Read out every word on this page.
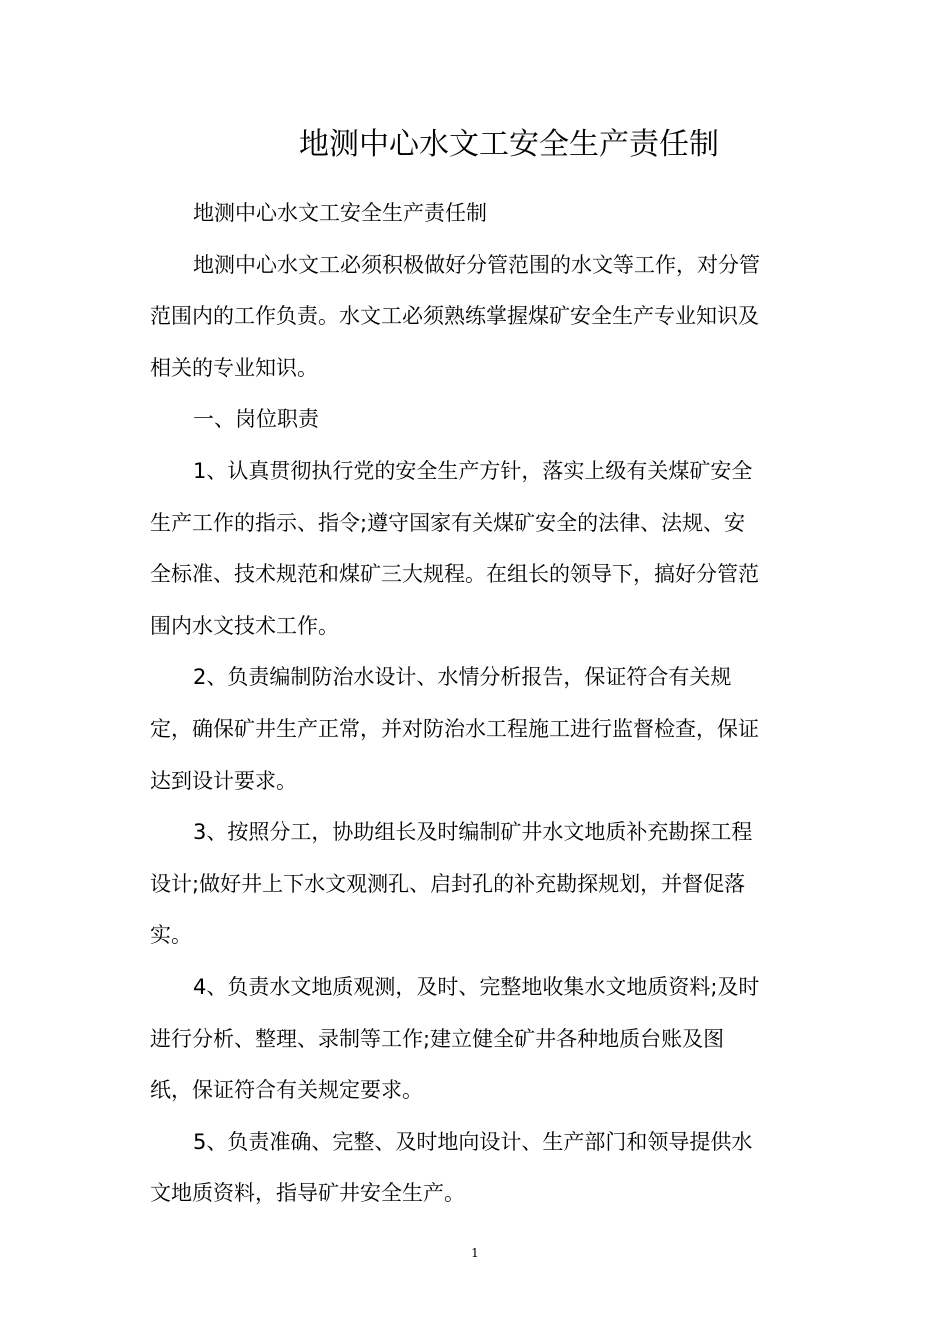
地测中心水文工安全生产责任制

地测中心水文工安全生产责任制

地测中心水文工必须积极做好分管范围的水文等工作，对分管
范围内的工作负责。水文工必须熟练掌握煤矿安全生产专业知识及
相关的专业知识。

一、岗位职责

1、认真贯彻执行党的安全生产方针，落实上级有关煤矿安全
生产工作的指示、指令;遵守国家有关煤矿安全的法律、法规、安
全标准、技术规范和煤矿三大规程。在组长的领导下，搞好分管范
围内水文技术工作。

2、负责编制防治水设计、水情分析报告，保证符合有关规
定，确保矿井生产正常，并对防治水工程施工进行监督检查，保证
达到设计要求。

3、按照分工，协助组长及时编制矿井水文地质补充勘探工程
设计;做好井上下水文观测孔、启封孔的补充勘探规划，并督促落
实。

4、负责水文地质观测，及时、完整地收集水文地质资料;及时
进行分析、整理、录制等工作;建立健全矿井各种地质台账及图
纸，保证符合有关规定要求。

5、负责准确、完整、及时地向设计、生产部门和领导提供水
文地质资料，指导矿井安全生产。

1
